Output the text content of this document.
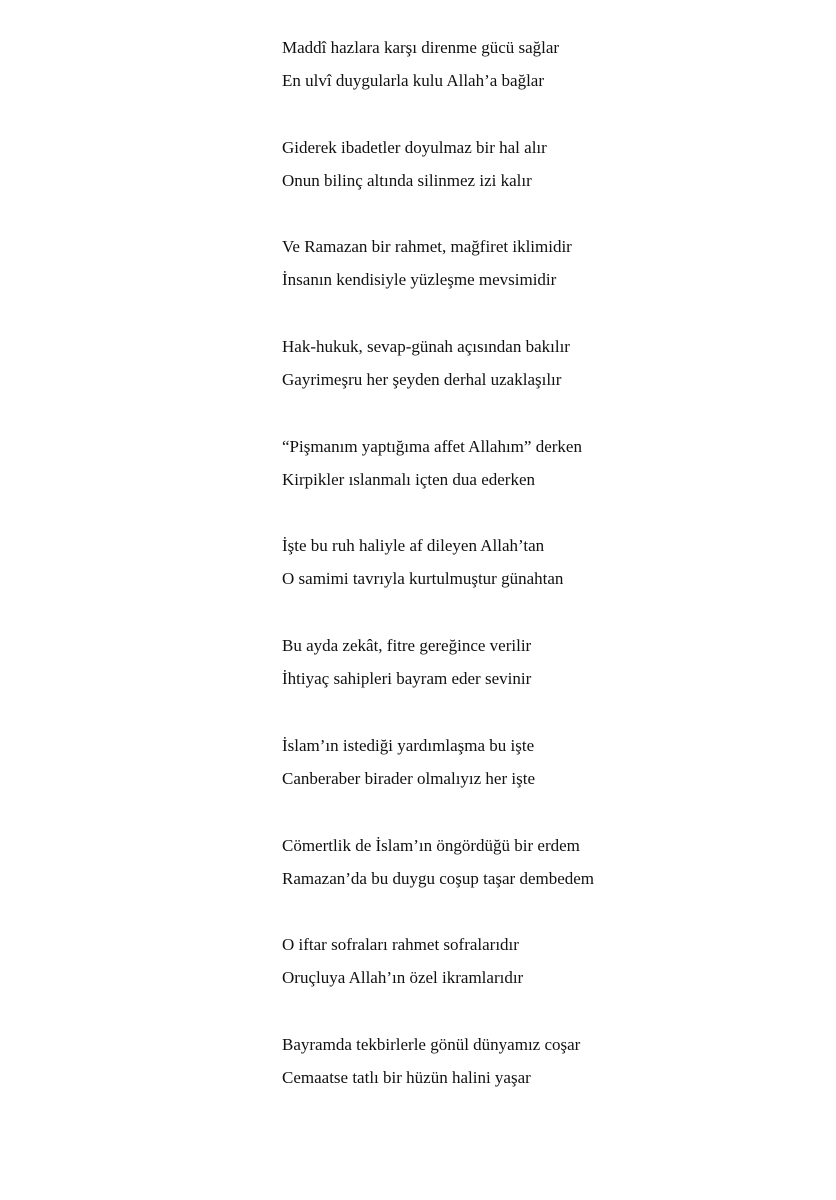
Maddî hazlara karşı direnme gücü sağlar
En ulvî duygularla kulu Allah’a bağlar
Giderek ibadetler doyulmaz bir hal alır
Onun bilinç altında silinmez izi kalır
Ve Ramazan bir rahmet, mağfiret iklimidir
İnsanın kendisiyle yüzleşme mevsimidir
Hak-hukuk, sevap-günah açısından bakılır
Gayrimeşru her şeyden derhal uzaklaşılır
“Pişmanım yaptığıma affet Allahım” derken
Kirpikler ıslanmalı içten dua ederken
İşte bu ruh haliyle af dileyen Allah’tan
O samimi tavrıyla kurtulmuştur günahtan
Bu ayda zekât, fitre gereğince verilir
İhtiyaç sahipleri bayram eder sevinir
İslam’ın istediği yardımlaşma bu işte
Canberaber birader olmalıyız her işte
Cömertlik de İslam’ın öngördüğü bir erdem
Ramazan’da bu duygu coşup taşar dembedem
O iftar sofraları rahmet sofralarıdır
Oruçluya Allah’ın özel ikramlarıdır
Bayramda tekbirlerle gönül dünyamız coşar
Cemaatse tatlı bir hüzün halini yaşar
